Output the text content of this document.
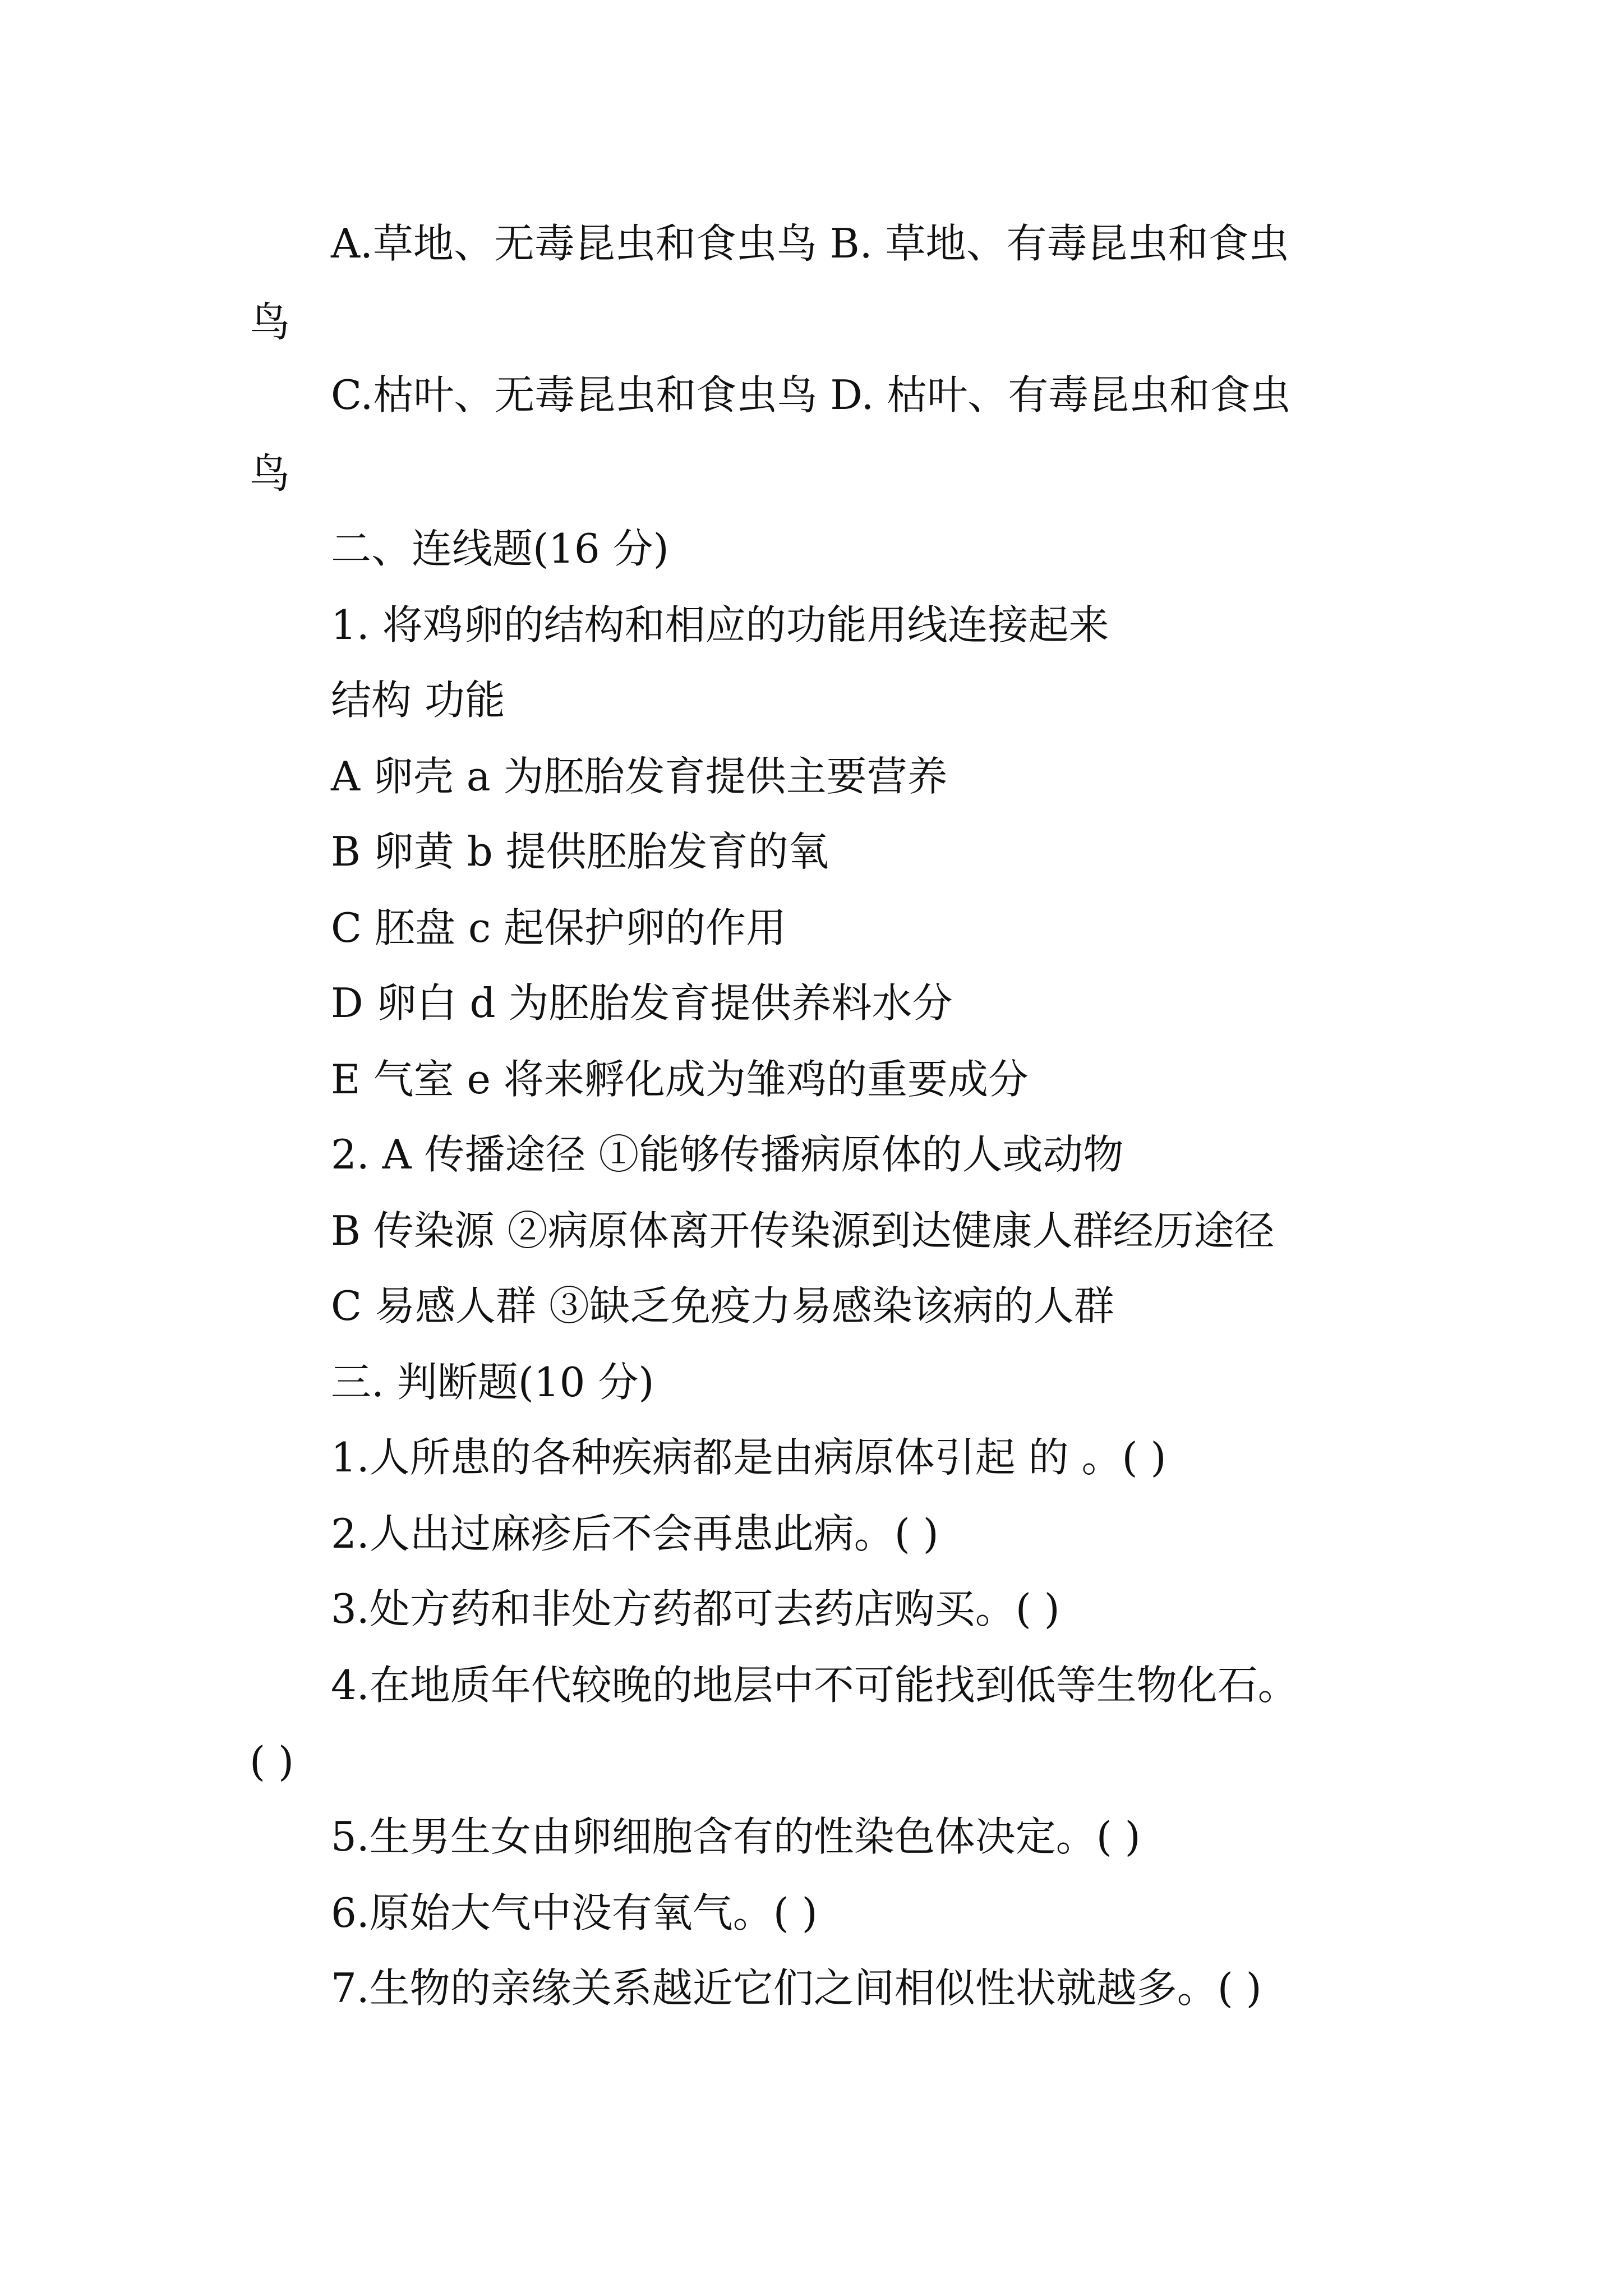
A.草地、无毒昆虫和食虫鸟 B. 草地、有毒昆虫和食虫
鸟
C.枯叶、无毒昆虫和食虫鸟 D. 枯叶、有毒昆虫和食虫
鸟
二、连线题(16 分)
1. 将鸡卵的结构和相应的功能用线连接起来
结构 功能
A 卵壳 a 为胚胎发育提供主要营养
B 卵黄 b 提供胚胎发育的氧
C 胚盘 c 起保护卵的作用
D 卵白 d 为胚胎发育提供养料水分
E 气室 e 将来孵化成为雏鸡的重要成分
2. A 传播途径 ①能够传播病原体的人或动物
B 传染源 ②病原体离开传染源到达健康人群经历途径
C 易感人群 ③缺乏免疫力易感染该病的人群
三. 判断题(10 分)
1.人所患的各种疾病都是由病原体引起 的 。( )
2.人出过麻疹后不会再患此病。( )
3.处方药和非处方药都可去药店购买。( )
4.在地质年代较晚的地层中不可能找到低等生物化石。
( )
5.生男生女由卵细胞含有的性染色体决定。( )
6.原始大气中没有氧气。( )
7.生物的亲缘关系越近它们之间相似性状就越多。( )
